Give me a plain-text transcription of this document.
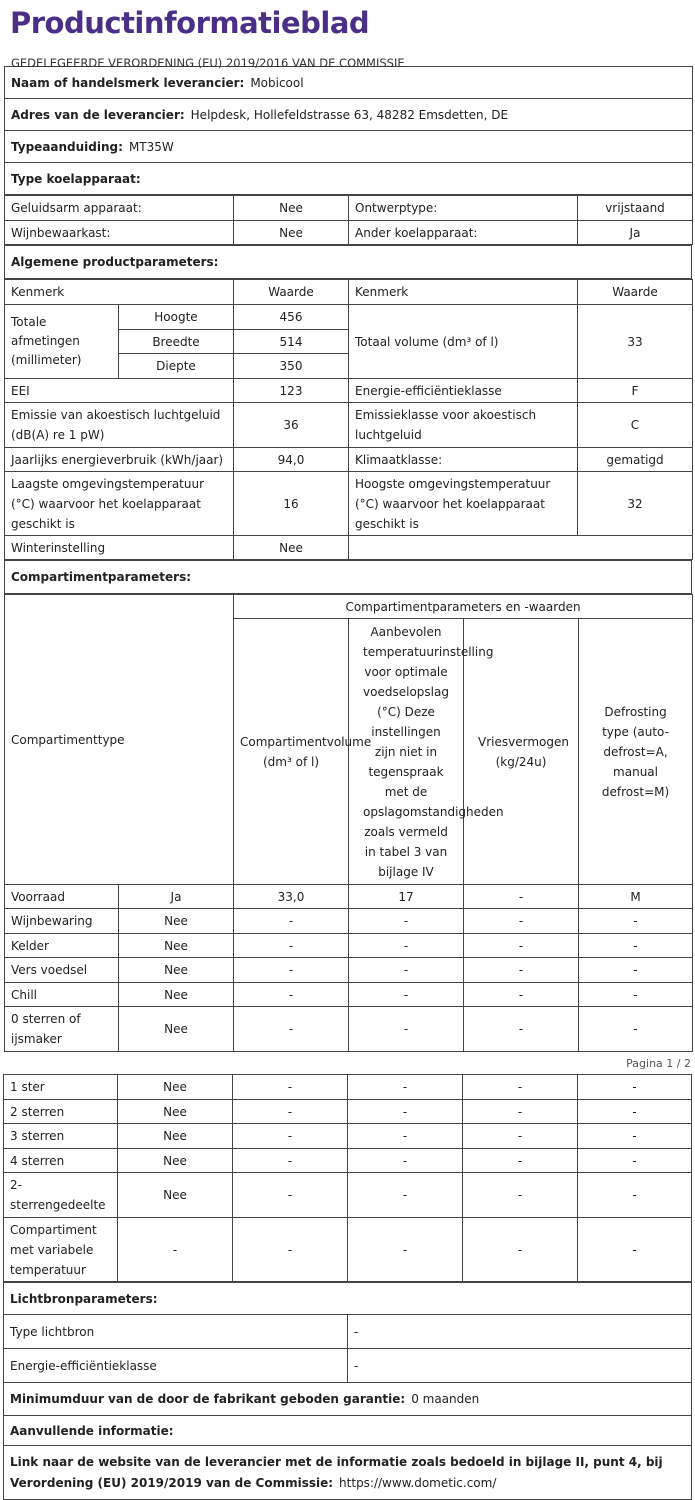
Productinformatieblad
GEDELEGEERDE VERORDENING (EU) 2019/2016 VAN DE COMMISSIE
Naam of handelsmerk leverancier: Mobicool
Adres van de leverancier: Helpdesk, Hollefeldstrasse 63, 48282 Emsdetten, DE
Typeaanduiding: MT35W
Type koelapparaat:
Geluidsarm apparaat:	Nee	Ontwerptype:	vrijstaand
Wijnbewaarkast:	Nee	Ander koelapparaat:	Ja
Algemene productparameters:
Kenmerk		Waarde	Kenmerk	Waarde
Totale afmetingen (millimeter)	Hoogte	456	Totaal volume (dm³ of l)	33
	Breedte	514		
	Diepte	350		
EEI		123	Energie-efficiëntieklasse	F
Emissie van akoestisch luchtgeluid (dB(A) re 1 pW)		36	Emissieklasse voor akoestisch luchtgeluid	C
Jaarlijks energieverbruik (kWh/jaar)		94,0	Klimaatklasse:	gematigd
Laagste omgevingstemperatuur (°C) waarvoor het koelapparaat geschikt is		16	Hoogste omgevingstemperatuur (°C) waarvoor het koelapparaat geschikt is	32
Winterinstelling		Nee		
Compartimentparameters:
Compartimenttype		Compartimentparameters en -waarden			
		Compartimentvolume (dm³ of l)	Aanbevolen temperatuurinstelling voor optimale voedselopslag (°C) Deze instellingen zijn niet in tegenspraak met de opslagomstandigheden zoals vermeld in tabel 3 van bijlage IV	Vriesvermogen (kg/24u)	Defrosting type (auto-defrost=A, manual defrost=M)
Voorraad	Ja	33,0	17	-	M
Wijnbewaring	Nee	-	-	-	-
Kelder	Nee	-	-	-	-
Vers voedsel	Nee	-	-	-	-
Chill	Nee	-	-	-	-
0 sterren of ijsmaker	Nee	-	-	-	-
Pagina 1 / 2
1 ster	Nee	-	-	-	-
2 sterren	Nee	-	-	-	-
3 sterren	Nee	-	-	-	-
4 sterren	Nee	-	-	-	-
2-sterrengedeelte	Nee	-	-	-	-
Compartiment met variabele temperatuur	-	-	-	-	-
Lichtbronparameters:	
Type lichtbron	-
Energie-efficiëntieklasse	-
Minimumduur van de door de fabrikant geboden garantie: 0 maanden	
Aanvullende informatie:	
Link naar de website van de leverancier met de informatie zoals bedoeld in bijlage II, punt 4, bij Verordening (EU) 2019/2019 van de Commissie: https://www.dometic.com/	
